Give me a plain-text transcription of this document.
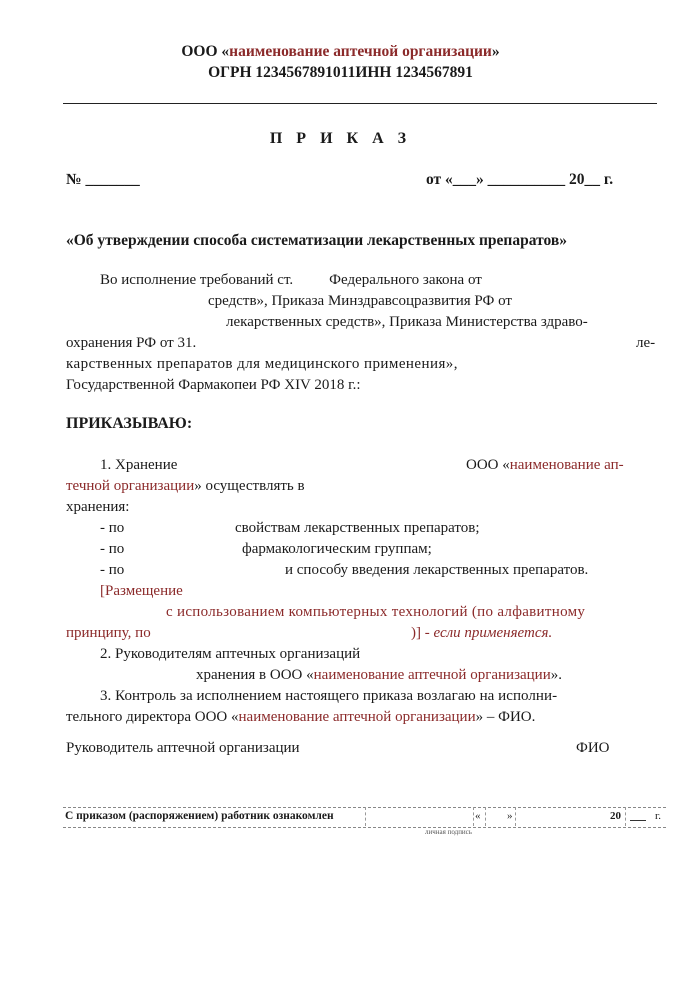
ООО «наименование аптечной организации»
ОГРН 1234567891011ИНН 1234567891
П Р И К А З
№ _______	от «___» __________ 20__ г.
«Об утверждении способа систематизации лекарственных препаратов»
Во исполнение требований ст. Федерального закона от
средств», Приказа Минздравсоцразвития РФ от
лекарственных средств», Приказа Министерства здраво-
охранения РФ от 31.	ле-
карственных препаратов для медицинского применения»,
Государственной Фармакопеи РФ XIV 2018 г.:
ПРИКАЗЫВАЮ:
1. Хранение	ООО «наименование ап-
течной организации» осуществлять в
хранения:
- по	свойствам лекарственных препаратов;
- по	фармакологическим группам;
- по	и способу введения лекарственных препаратов.
[Размещение
с использованием компьютерных технологий (по алфавитному
принципу, по	)] - если применяется.
2. Руководителям аптечных организаций
хранения в ООО «наименование аптечной организации».
3. Контроль за исполнением настоящего приказа возлагаю на исполни-
тельного директора ООО «наименование аптечной организации» – ФИО.
Руководитель аптечной организации	ФИО
С приказом (распоряжением) работник ознакомлен	« »	20	г.
личная подпись
